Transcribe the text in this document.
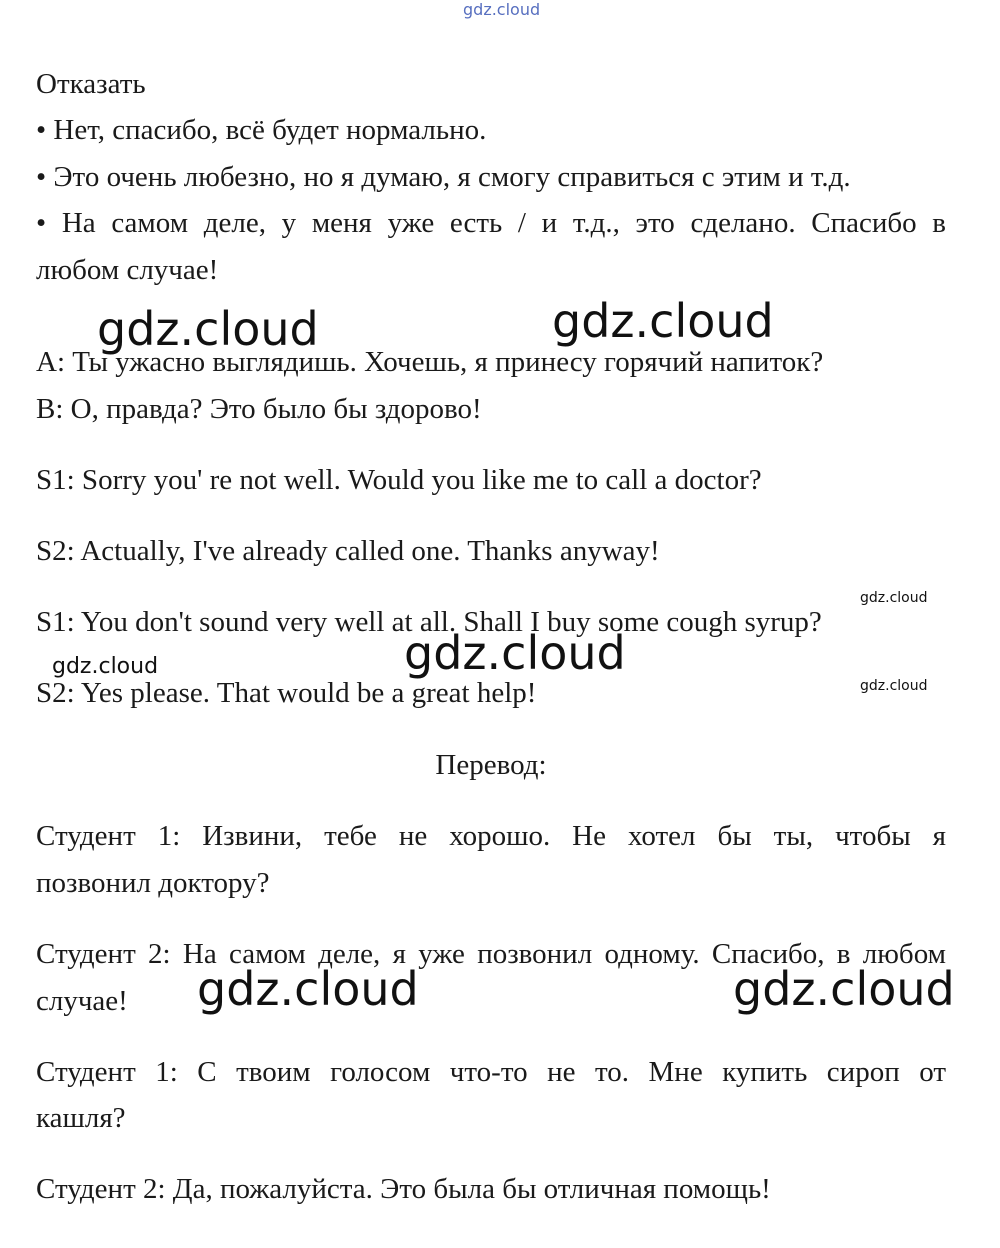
gdz.cloud
Отказать
• Нет, спасибо, всё будет нормально.
• Это очень любезно, но я думаю, я смогу справиться с этим и т.д.
• На самом деле, у меня уже есть / и т.д., это сделано. Спасибо в
любом случае!
gdz.cloud	gdz.cloud
А: Ты ужасно выглядишь. Хочешь, я принесу горячий напиток?
В: О, правда? Это было бы здорово!
S1: Sorry you' re not well. Would you like me to call a doctor?
S2: Actually, I've already called one. Thanks anyway!
gdz.cloud
S1: You don't sound very well at all. Shall I buy some cough syrup?
gdz.cloud
gdz.cloud
gdz.cloud
S2: Yes please. That would be a great help!
Перевод:
Студент 1: Извини, тебе не хорошо. Не хотел бы ты, чтобы я
позвонил доктору?
Студент 2: На самом деле, я уже позвонил одному. Спасибо, в любом
случае!	gdz.cloud	gdz.cloud
Студент 1: С твоим голосом что-то не то. Мне купить сироп от
кашля?
Студент 2: Да, пожалуйста. Это была бы отличная помощь!
